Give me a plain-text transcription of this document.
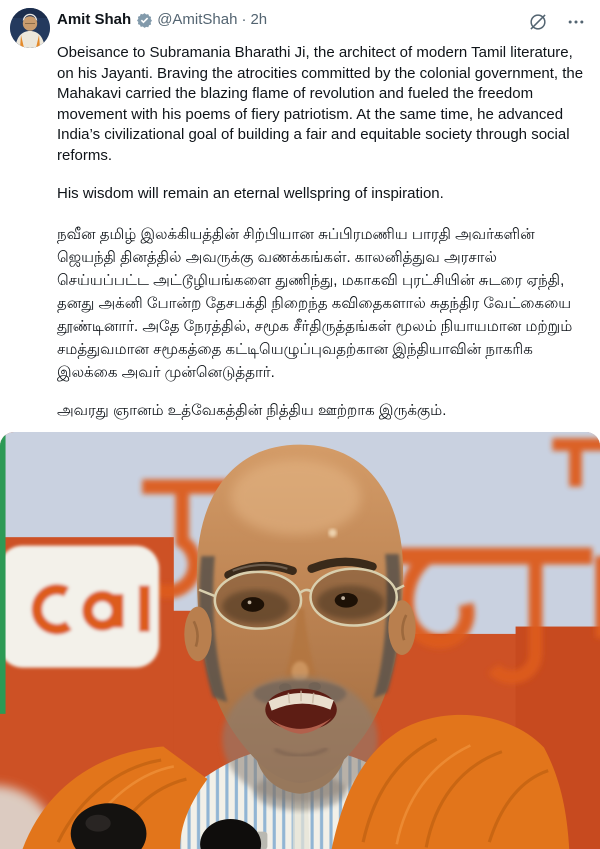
Amit Shah @AmitShah · 2h

Obeisance to Subramania Bharathi Ji, the architect of modern Tamil literature, on his Jayanti. Braving the atrocities committed by the colonial government, the Mahakavi carried the blazing flame of revolution and fueled the freedom movement with his poems of fiery patriotism. At the same time, he advanced India’s civilizational goal of building a fair and equitable society through social reforms.

His wisdom will remain an eternal wellspring of inspiration.

நவீன தமிழ் இலக்கியத்தின் சிற்பியான சுப்பிரமணிய பாரதி அவர்களின் ஜெயந்தி தினத்தில் அவருக்கு வணக்கங்கள். காலனித்துவ அரசால் செய்யப்பட்ட அட்டூழியங்களை துணிந்து, மகாகவி புரட்சியின் சுடரை ஏந்தி, தனது அக்னி போன்ற தேசபக்தி நிறைந்த கவிதைகளால் சுதந்திர வேட்கையை தூண்டினார். அதே நேரத்தில், சமூக சீர்திருத்தங்கள் மூலம் நியாயமான மற்றும் சமத்துவமான சமூகத்தை கட்டியெழுப்புவதற்கான இந்தியாவின் நாகரிக இலக்கை அவர் முன்னெடுத்தார்.

அவரது ஞானம் உத்வேகத்தின் நித்திய ஊற்றாக இருக்கும்.
